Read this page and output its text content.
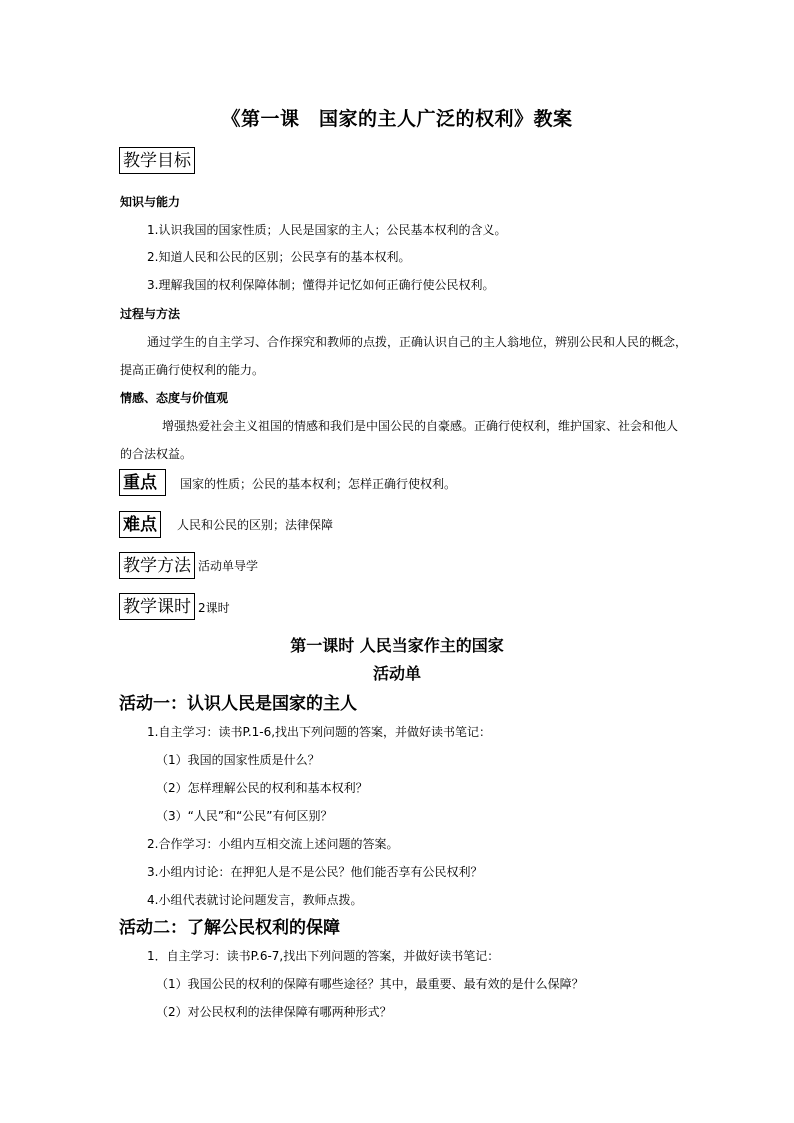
《第一课　国家的主人广泛的权利》教案
教学目标
知识与能力
1.认识我国的国家性质；人民是国家的主人；公民基本权利的含义。
2.知道人民和公民的区别；公民享有的基本权利。
3.理解我国的权利保障体制；懂得并记忆如何正确行使公民权利。
过程与方法
通过学生的自主学习、合作探究和教师的点拨，正确认识自己的主人翁地位，辨别公民和人民的概念，
提高正确行使权利的能力。
情感、态度与价值观
增强热爱社会主义祖国的情感和我们是中国公民的自豪感。正确行使权利，维护国家、社会和他人
的合法权益。
重点	国家的性质；公民的基本权利；怎样正确行使权利。
难点	人民和公民的区别；法律保障
教学方法 活动单导学
教学课时 2课时
第一课时 人民当家作主的国家
活动单
活动一：认识人民是国家的主人
1.自主学习：读书P.1-6,找出下列问题的答案，并做好读书笔记：
（1）我国的国家性质是什么？
（2）怎样理解公民的权利和基本权利？
（3）“人民”和“公民”有何区别？
2.合作学习：小组内互相交流上述问题的答案。
3.小组内讨论：在押犯人是不是公民？他们能否享有公民权利？
4.小组代表就讨论问题发言，教师点拨。
活动二：了解公民权利的保障
1．自主学习：读书P.6-7,找出下列问题的答案，并做好读书笔记：
（1）我国公民的权利的保障有哪些途径？其中，最重要、最有效的是什么保障？
（2）对公民权利的法律保障有哪两种形式？
